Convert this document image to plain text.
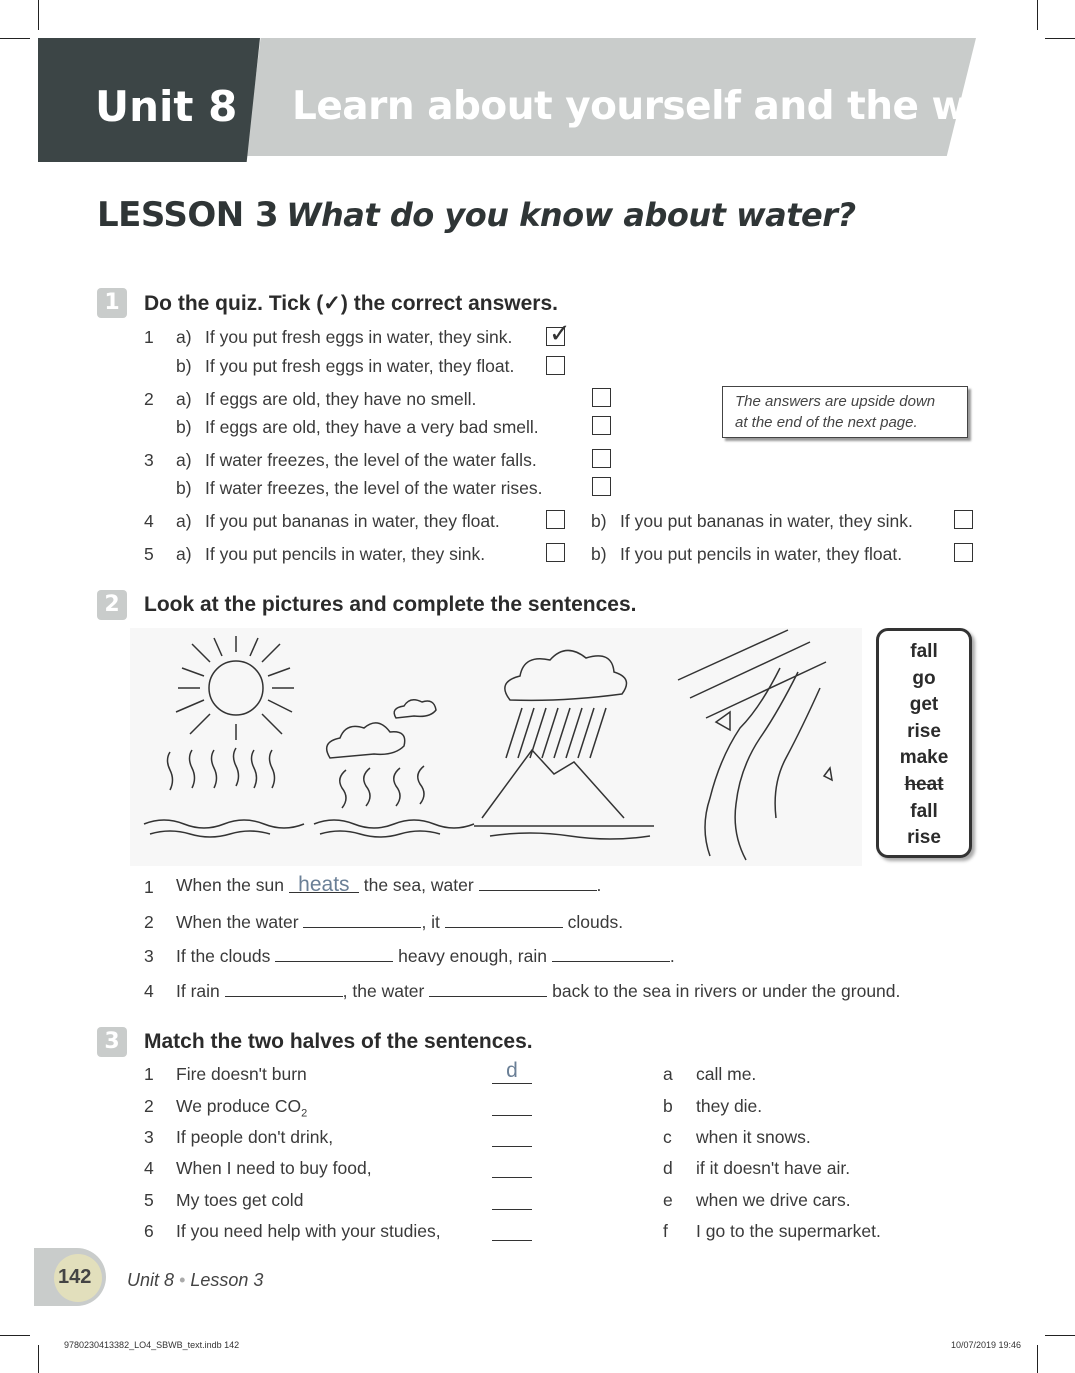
Unit 8 Learn about yourself and the world
LESSON 3 What do you know about water?
1	Do the quiz. Tick (✓) the correct answers.
1 a) If you put fresh eggs in water, they sink. ✓
b) If you put fresh eggs in water, they float.
2 a) If eggs are old, they have no smell.
b) If eggs are old, they have a very bad smell.
The answers are upside down
at the end of the next page.
3 a) If water freezes, the level of the water falls.
b) If water freezes, the level of the water rises.
4 a) If you put bananas in water, they float.	b) If you put bananas in water, they sink.
5 a) If you put pencils in water, they sink.	b) If you put pencils in water, they float.
2	Look at the pictures and complete the sentences.
fall
go
get
rise
make
heat
fall
rise
1 When the sun heats the sea, water	.
2 When the water	, it	clouds.
3 If the clouds	heavy enough, rain	.
4 If rain	, the water	back to the sea in rivers or under the ground.
3	Match the two halves of the sentences.
1 Fire doesn't burn	d	a call me.
2 We produce $CO_2$	b they die.
3 If people don't drink,	c when it snows.
4 When I need to buy food,	d if it doesn't have air.
5 My toes get cold	e when we drive cars.
6 If you need help with your studies,	f I go to the supermarket.
142 Unit 8 • Lesson 3
9780230413382_LO4_SBWB_text.indb 142	10/07/2019 19:46
